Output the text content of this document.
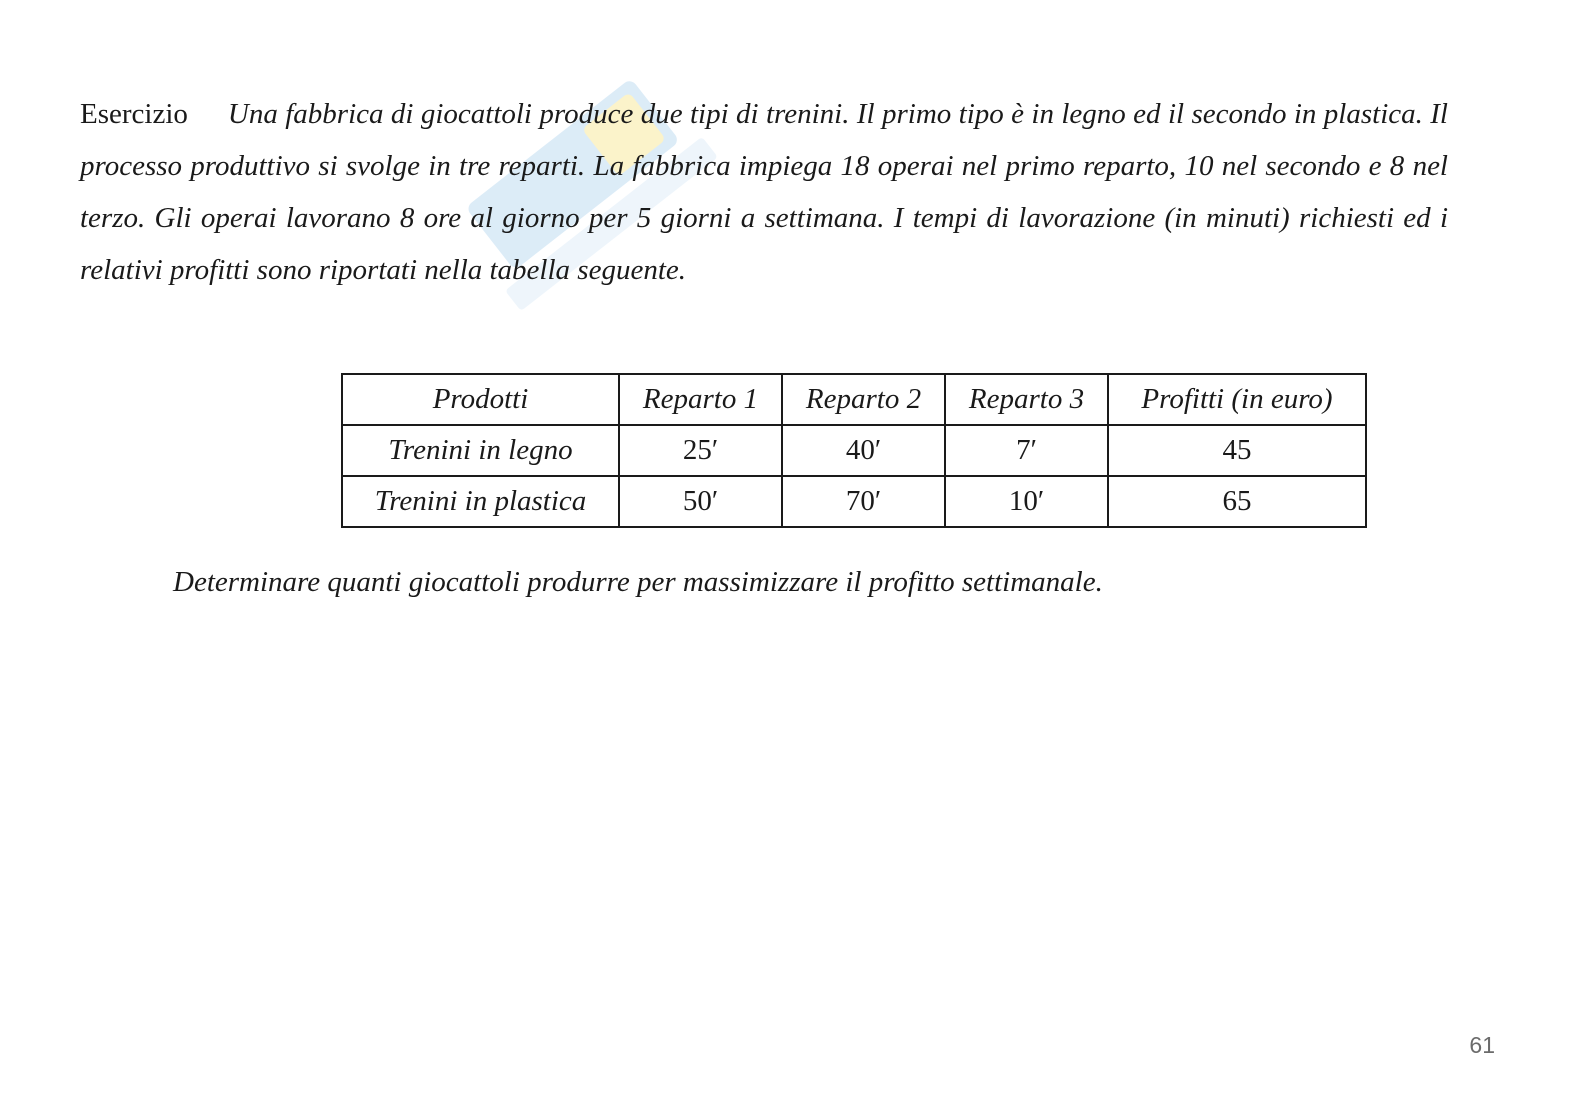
Esercizio Una fabbrica di giocattoli produce due tipi di trenini. Il primo tipo è in legno ed il secondo in plastica. Il processo produttivo si svolge in tre reparti. La fabbrica impiega 18 operai nel primo reparto, 10 nel secondo e 8 nel terzo. Gli operai lavorano 8 ore al giorno per 5 giorni a settimana. I tempi di lavorazione (in minuti) richiesti ed i relativi profitti sono riportati nella tabella seguente.
Prodotti	Reparto 1	Reparto 2	Reparto 3	Profitti (in euro)
Trenini in legno	25′	40′	7′	45
Trenini in plastica	50′	70′	10′	65
Determinare quanti giocattoli produrre per massimizzare il profitto settimanale.
61
